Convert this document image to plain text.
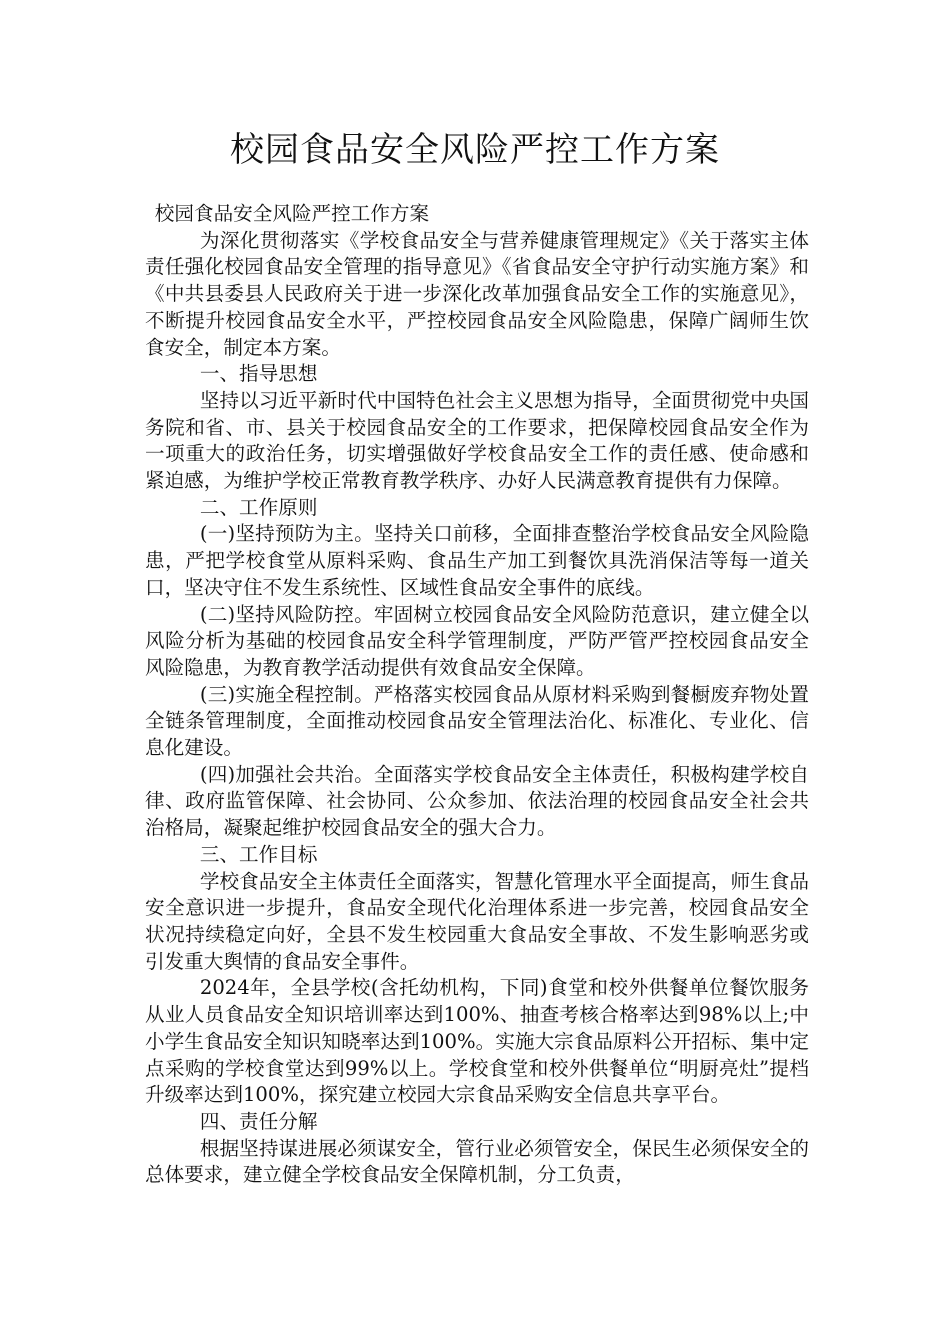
校园食品安全风险严控工作方案

校园食品安全风险严控工作方案

为深化贯彻落实《学校食品安全与营养健康管理规定》《关于落实主体责任强化校园食品安全管理的指导意见》《省食品安全守护行动实施方案》和《中共县委县人民政府关于进一步深化改革加强食品安全工作的实施意见》，不断提升校园食品安全水平，严控校园食品安全风险隐患，保障广阔师生饮食安全，制定本方案。

一、指导思想

坚持以习近平新时代中国特色社会主义思想为指导，全面贯彻党中央国务院和省、市、县关于校园食品安全的工作要求，把保障校园食品安全作为一项重大的政治任务，切实增强做好学校食品安全工作的责任感、使命感和紧迫感，为维护学校正常教育教学秩序、办好人民满意教育提供有力保障。

二、工作原则

(一)坚持预防为主。坚持关口前移，全面排查整治学校食品安全风险隐患，严把学校食堂从原料采购、食品生产加工到餐饮具洗消保洁等每一道关口，坚决守住不发生系统性、区域性食品安全事件的底线。

(二)坚持风险防控。牢固树立校园食品安全风险防范意识，建立健全以风险分析为基础的校园食品安全科学管理制度，严防严管严控校园食品安全风险隐患，为教育教学活动提供有效食品安全保障。

(三)实施全程控制。严格落实校园食品从原材料采购到餐橱废弃物处置全链条管理制度，全面推动校园食品安全管理法治化、标准化、专业化、信息化建设。

(四)加强社会共治。全面落实学校食品安全主体责任，积极构建学校自律、政府监管保障、社会协同、公众参加、依法治理的校园食品安全社会共治格局，凝聚起维护校园食品安全的强大合力。

三、工作目标

学校食品安全主体责任全面落实，智慧化管理水平全面提高，师生食品安全意识进一步提升，食品安全现代化治理体系进一步完善，校园食品安全状况持续稳定向好，全县不发生校园重大食品安全事故、不发生影响恶劣或引发重大舆情的食品安全事件。

2024年，全县学校(含托幼机构，下同)食堂和校外供餐单位餐饮服务从业人员食品安全知识培训率达到100%、抽查考核合格率达到98%以上;中小学生食品安全知识知晓率达到100%。实施大宗食品原料公开招标、集中定点采购的学校食堂达到99%以上。学校食堂和校外供餐单位“明厨亮灶”提档升级率达到100%，探究建立校园大宗食品采购安全信息共享平台。

四、责任分解

根据坚持谋进展必须谋安全，管行业必须管安全，保民生必须保安全的总体要求，建立健全学校食品安全保障机制，分工负责，
